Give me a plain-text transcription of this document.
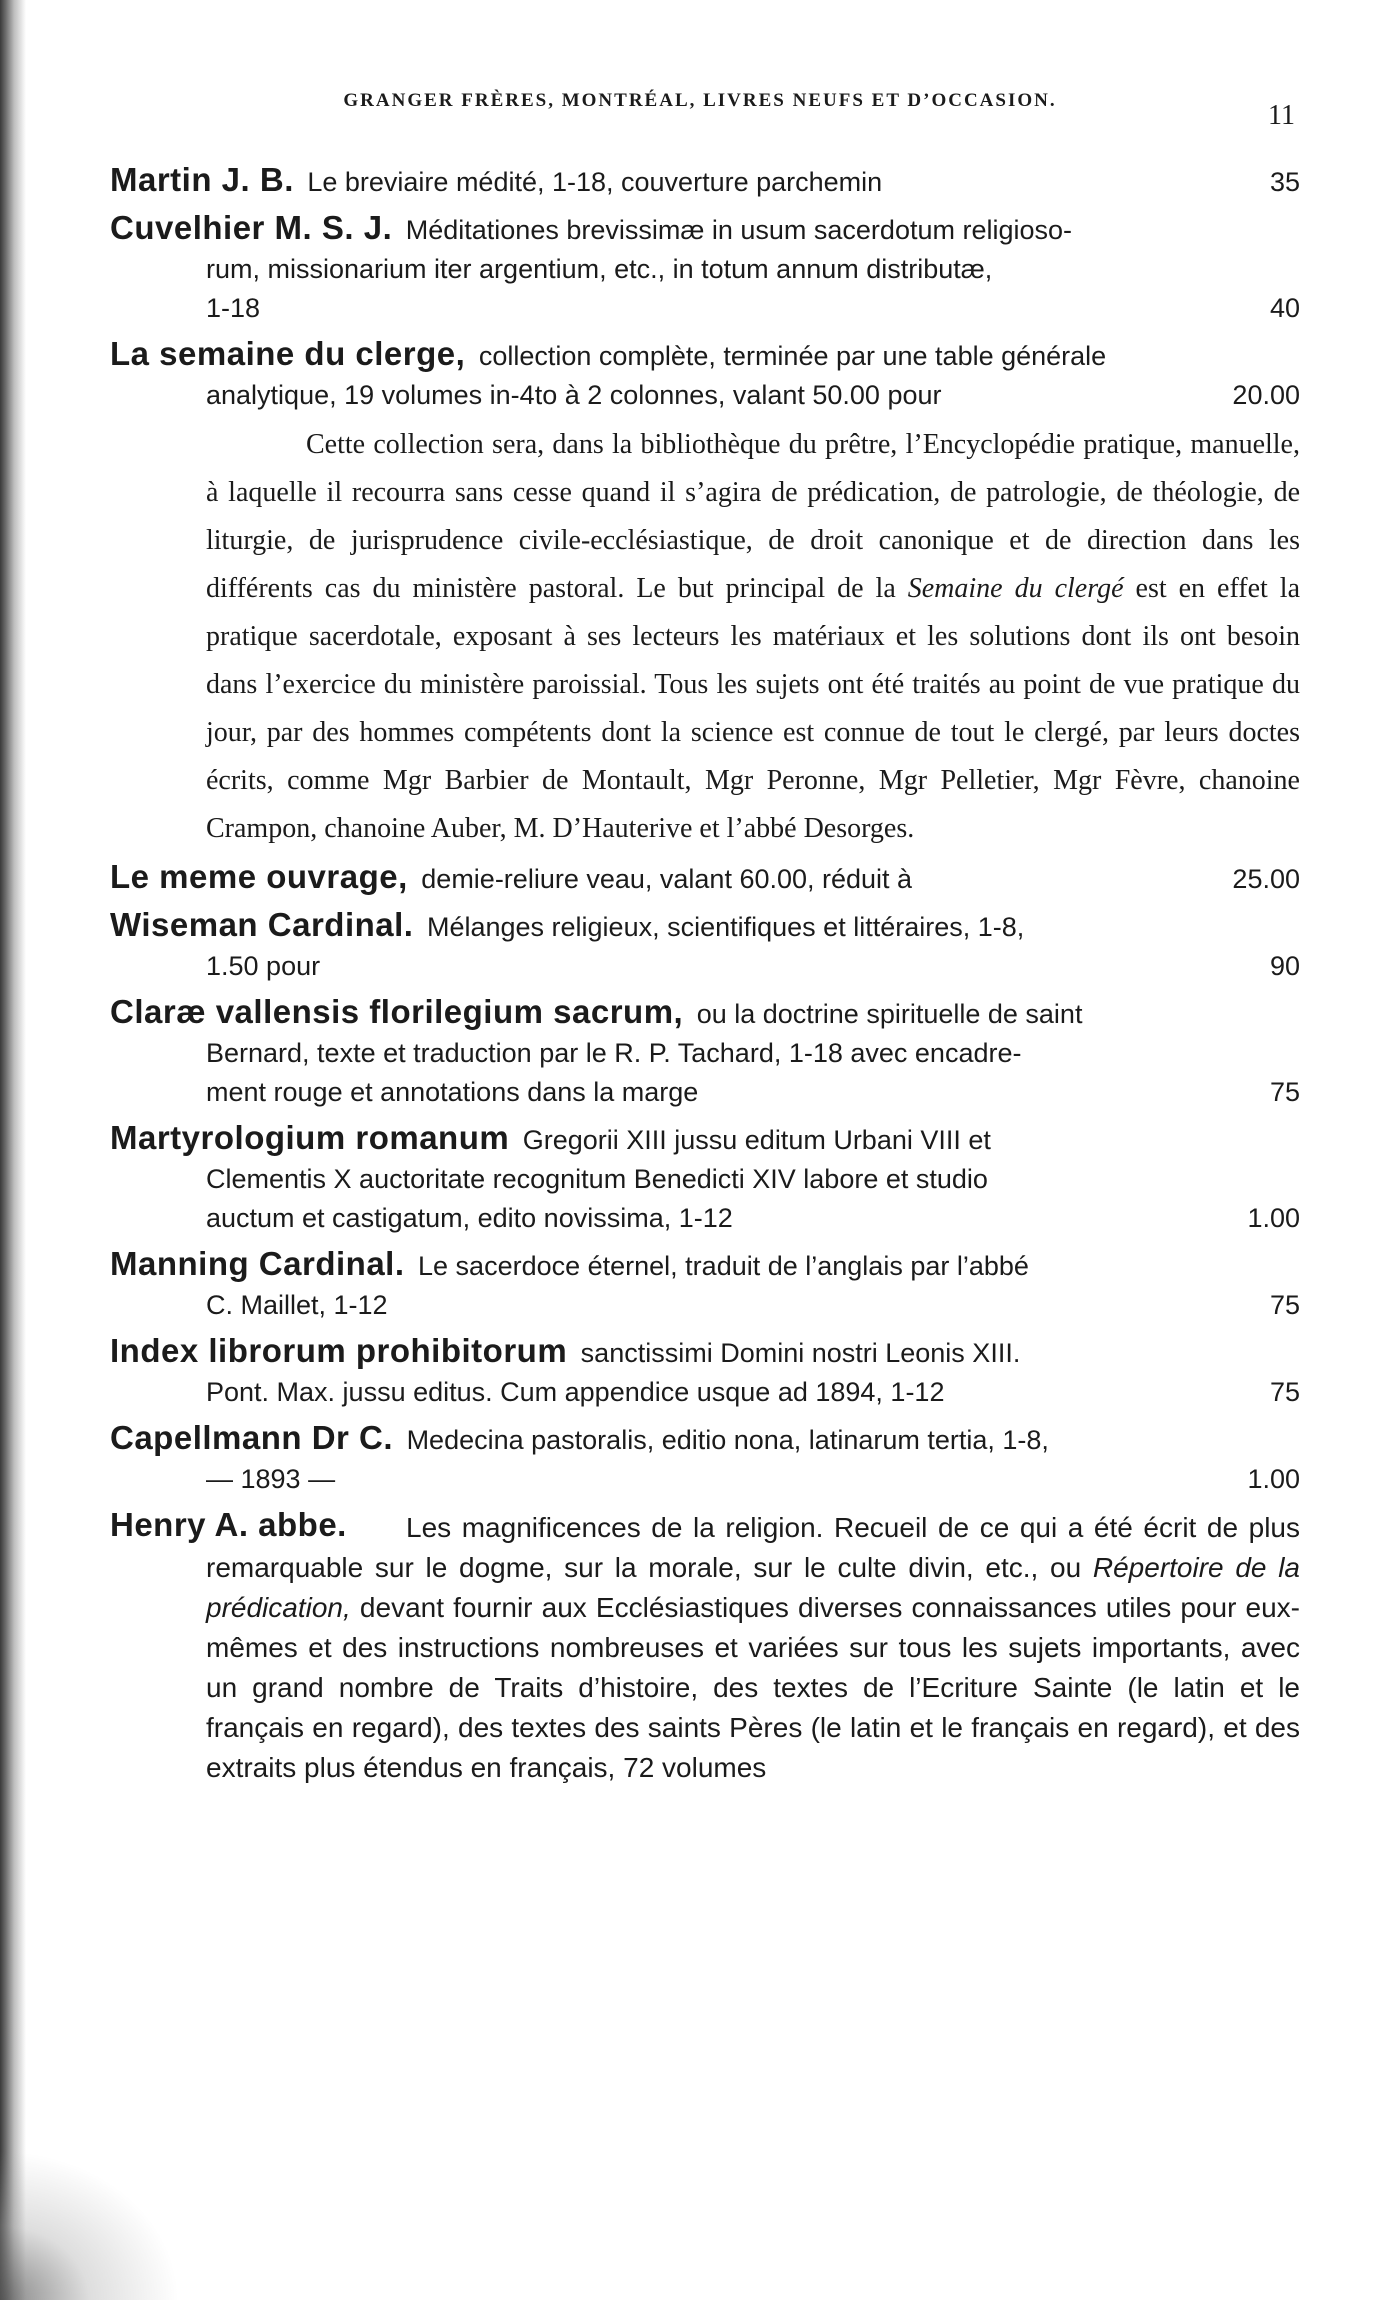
GRANGER FRÈRES, MONTRÉAL, LIVRES NEUFS ET D’OCCASION.	11
Martin J. B. Le breviaire médité, 1-18, couverture parchemin	35
Cuvelhier M. S. J. Méditationes brevissimæ in usum sacerdotum religioso-
rum, missionarium iter argentium, etc., in totum annum distributæ,
1-18	40
La semaine du clerge, collection complète, terminée par une table générale
analytique, 19 volumes in-4to à 2 colonnes, valant 50.00 pour	20.00
Cette collection sera, dans la bibliothèque du prêtre, l’Encyclopédie pratique, manuelle, à laquelle il recourra sans cesse quand il s’agira de prédication, de patrologie, de théologie, de liturgie, de jurisprudence civile-ecclésiastique, de droit canonique et de direction dans les différents cas du ministère pastoral. Le but principal de la Semaine du clergé est en effet la pratique sacerdotale, exposant à ses lecteurs les matériaux et les solutions dont ils ont besoin dans l’exercice du ministère paroissial. Tous les sujets ont été traités au point de vue pratique du jour, par des hommes compétents dont la science est connue de tout le clergé, par leurs doctes écrits, comme Mgr Barbier de Montault, Mgr Peronne, Mgr Pelletier, Mgr Fèvre, chanoine Crampon, chanoine Auber, M. D’Hauterive et l’abbé Desorges.
Le meme ouvrage, demie-reliure veau, valant 60.00, réduit à	25.00
Wiseman Cardinal. Mélanges religieux, scientifiques et littéraires, 1-8,
1.50 pour	90
Claræ vallensis florilegium sacrum, ou la doctrine spirituelle de saint
Bernard, texte et traduction par le R. P. Tachard, 1-18 avec encadre-
ment rouge et annotations dans la marge	75
Martyrologium romanum Gregorii XIII jussu editum Urbani VIII et
Clementis X auctoritate recognitum Benedicti XIV labore et studio
auctum et castigatum, edito novissima, 1-12	1.00
Manning Cardinal. Le sacerdoce éternel, traduit de l’anglais par l’abbé
C. Maillet, 1-12	75
Index librorum prohibitorum sanctissimi Domini nostri Leonis XIII.
Pont. Max. jussu editus. Cum appendice usque ad 1894, 1-12	75
Capellmann Dr C. Medecina pastoralis, editio nona, latinarum tertia, 1-8,
— 1893 —	1.00
Henry A. abbe.	Les magnificences de la religion. Recueil de ce qui a été écrit de plus remarquable sur le dogme, sur la morale, sur le culte divin, etc., ou Répertoire de la prédication, devant fournir aux Ecclésiastiques diverses connaissances utiles pour eux-mêmes et des instructions nombreuses et variées sur tous les sujets importants, avec un grand nombre de Traits d’histoire, des textes de l’Ecriture Sainte (le latin et le français en regard), des textes des saints Pères (le latin et le français en regard), et des extraits plus étendus en français, 72 volumes
